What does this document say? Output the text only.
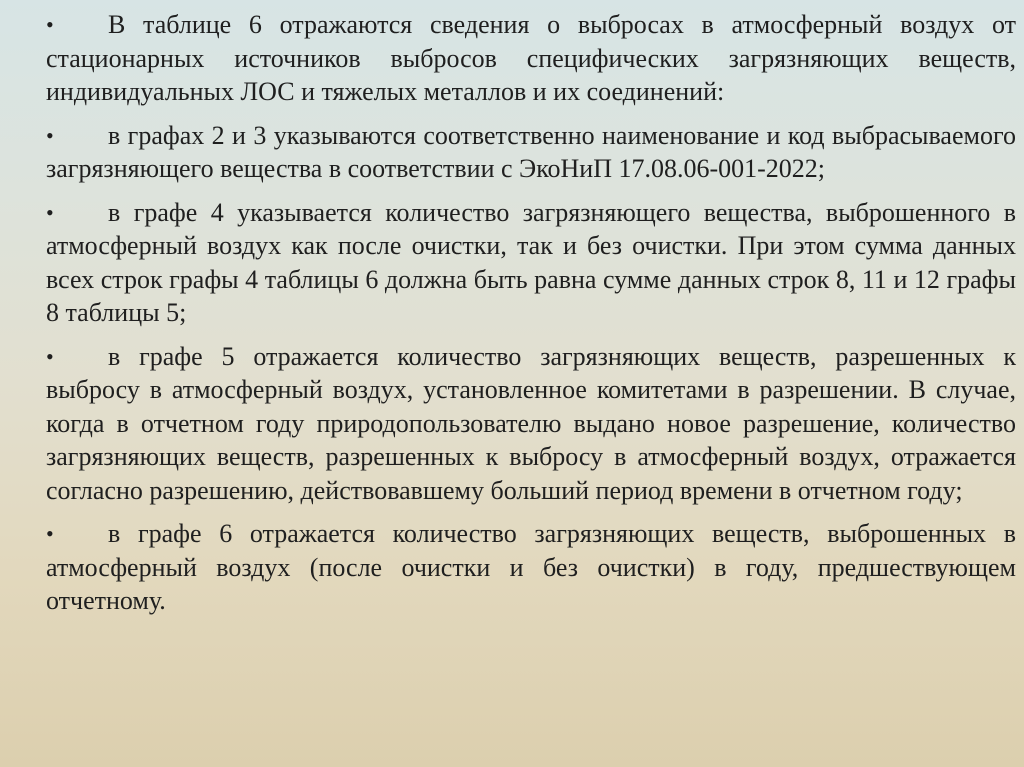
•	В таблице 6 отражаются сведения о выбросах в атмосферный воздух от стационарных источников выбросов специфических загрязняющих веществ, индивидуальных ЛОС и тяжелых металлов и их соединений:
•	в графах 2 и 3 указываются соответственно наименование и код выбрасываемого загрязняющего вещества в соответствии с ЭкоНиП 17.08.06-001-2022;
•	в графе 4 указывается количество загрязняющего вещества, выброшенного в атмосферный воздух как после очистки, так и без очистки. При этом сумма данных всех строк графы 4 таблицы 6 должна быть равна сумме данных строк 8, 11 и 12 графы 8 таблицы 5;
•	в графе 5 отражается количество загрязняющих веществ, разрешенных к выбросу в атмосферный воздух, установленное комитетами в разрешении. В случае, когда в отчетном году природопользователю выдано новое разрешение, количество загрязняющих веществ, разрешенных к выбросу в атмосферный воздух, отражается согласно разрешению, действовавшему больший период времени в отчетном году;
•	в графе 6 отражается количество загрязняющих веществ, выброшенных в атмосферный воздух (после очистки и без очистки) в году, предшествующем отчетному.
